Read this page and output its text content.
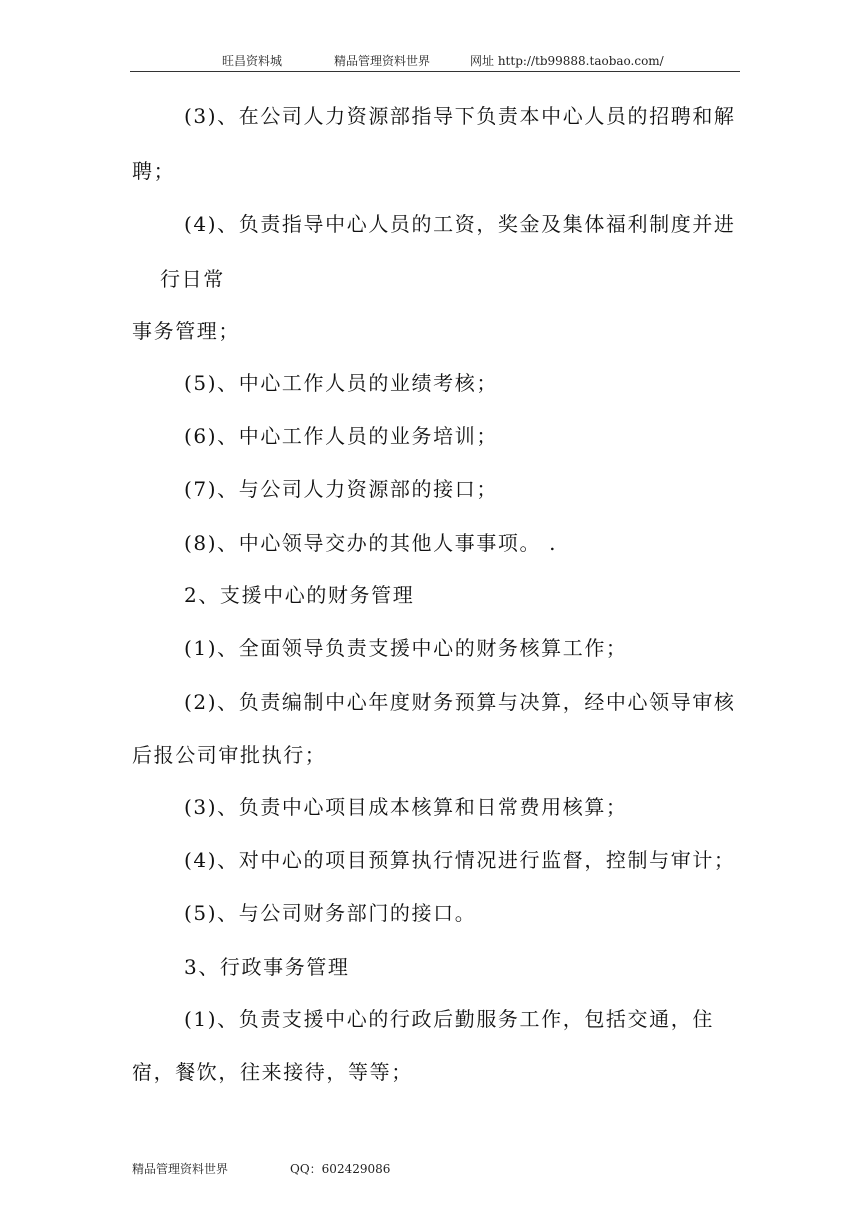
旺昌资料城	精品管理资料世界	网址 http://tb99888.taobao.com/
(3)、在公司人力资源部指导下负责本中心人员的招聘和解
聘；
(4)、负责指导中心人员的工资，奖金及集体福利制度并进
行日常
事务管理；
(5)、中心工作人员的业绩考核；
(6)、中心工作人员的业务培训；
(7)、与公司人力资源部的接口；
(8)、中心领导交办的其他人事事项。 .
2、支援中心的财务管理
(1)、全面领导负责支援中心的财务核算工作；
(2)、负责编制中心年度财务预算与决算，经中心领导审核
后报公司审批执行；
(3)、负责中心项目成本核算和日常费用核算；
(4)、对中心的项目预算执行情况进行监督，控制与审计；
(5)、与公司财务部门的接口。
3、行政事务管理
(1)、负责支援中心的行政后勤服务工作，包括交通，住
宿，餐饮，往来接待，等等；
精品管理资料世界	QQ：602429086
